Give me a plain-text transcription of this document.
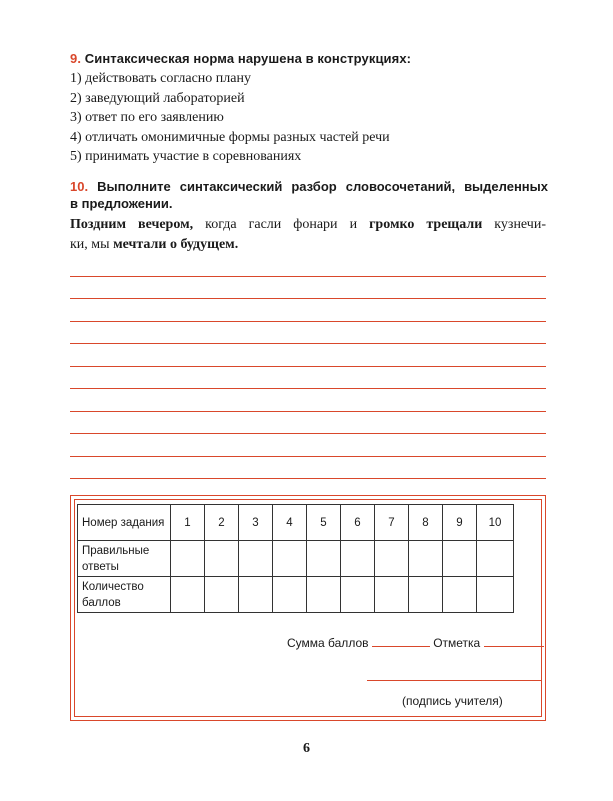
9. Синтаксическая норма нарушена в конструкциях:
1) действовать согласно плану
2) заведующий лабораторией
3) ответ по его заявлению
4) отличать омонимичные формы разных частей речи
5) принимать участие в соревнованиях
10. Выполните синтаксический разбор словосочетаний, выделенных
в предложении.
Поздним вечером, когда гасли фонари и громко трещали кузнечи-
ки, мы мечтали о будущем.
Номер задания	1	2	3	4	5	6	7	8	9	10
Правильные ответы										
Количество баллов										
Сумма баллов	Отметка
(подпись учителя)
6
